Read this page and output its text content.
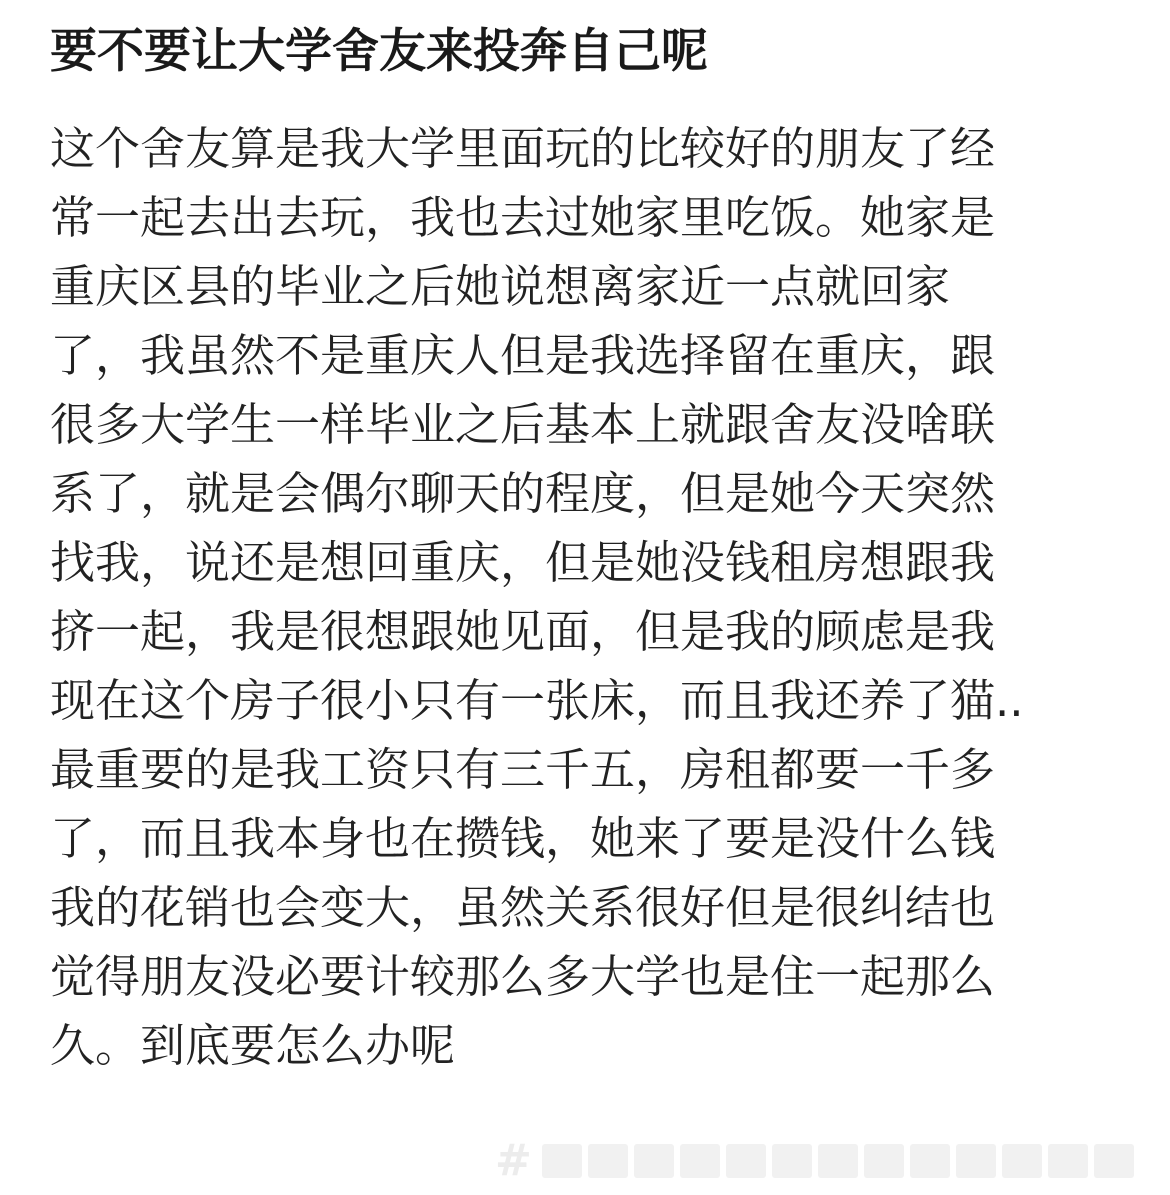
要不要让大学舍友来投奔自己呢
这个舍友算是我大学里面玩的比较好的朋友了经
常一起去出去玩，我也去过她家里吃饭。她家是
重庆区县的毕业之后她说想离家近一点就回家
了，我虽然不是重庆人但是我选择留在重庆，跟
很多大学生一样毕业之后基本上就跟舍友没啥联
系了，就是会偶尔聊天的程度，但是她今天突然
找我，说还是想回重庆，但是她没钱租房想跟我
挤一起，我是很想跟她见面，但是我的顾虑是我
现在这个房子很小只有一张床，而且我还养了猫..
最重要的是我工资只有三千五，房租都要一千多
了，而且我本身也在攒钱，她来了要是没什么钱
我的花销也会变大，虽然关系很好但是很纠结也
觉得朋友没必要计较那么多大学也是住一起那么
久。到底要怎么办呢
#
